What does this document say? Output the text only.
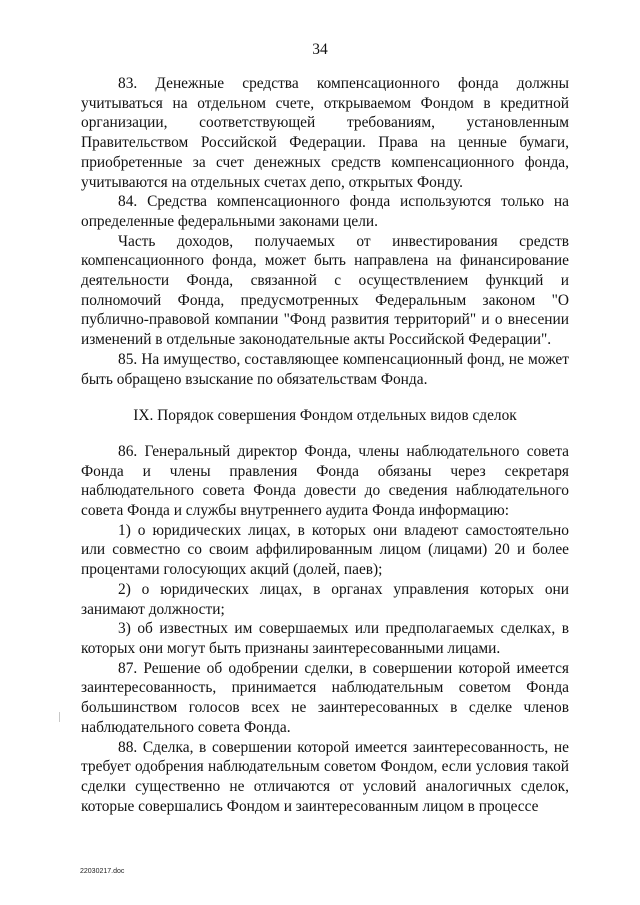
34

83. Денежные средства компенсационного фонда должны учитываться на отдельном счете, открываемом Фондом в кредитной организации, соответствующей требованиям, установленным Правительством Российской Федерации. Права на ценные бумаги, приобретенные за счет денежных средств компенсационного фонда, учитываются на отдельных счетах депо, открытых Фонду.

84. Средства компенсационного фонда используются только на определенные федеральными законами цели.

Часть доходов, получаемых от инвестирования средств компенсационного фонда, может быть направлена на финансирование деятельности Фонда, связанной с осуществлением функций и полномочий Фонда, предусмотренных Федеральным законом "О публично-правовой компании "Фонд развития территорий" и о внесении изменений в отдельные законодательные акты Российской Федерации".

85. На имущество, составляющее компенсационный фонд, не может быть обращено взыскание по обязательствам Фонда.

IX. Порядок совершения Фондом отдельных видов сделок

86. Генеральный директор Фонда, члены наблюдательного совета Фонда и члены правления Фонда обязаны через секретаря наблюдательного совета Фонда довести до сведения наблюдательного совета Фонда и службы внутреннего аудита Фонда информацию:

1) о юридических лицах, в которых они владеют самостоятельно или совместно со своим аффилированным лицом (лицами) 20 и более процентами голосующих акций (долей, паев);

2) о юридических лицах, в органах управления которых они занимают должности;

3) об известных им совершаемых или предполагаемых сделках, в которых они могут быть признаны заинтересованными лицами.

87. Решение об одобрении сделки, в совершении которой имеется заинтересованность, принимается наблюдательным советом Фонда большинством голосов всех не заинтересованных в сделке членов наблюдательного совета Фонда.

88. Сделка, в совершении которой имеется заинтересованность, не требует одобрения наблюдательным советом Фондом, если условия такой сделки существенно не отличаются от условий аналогичных сделок, которые совершались Фондом и заинтересованным лицом в процессе

22030217.doc
